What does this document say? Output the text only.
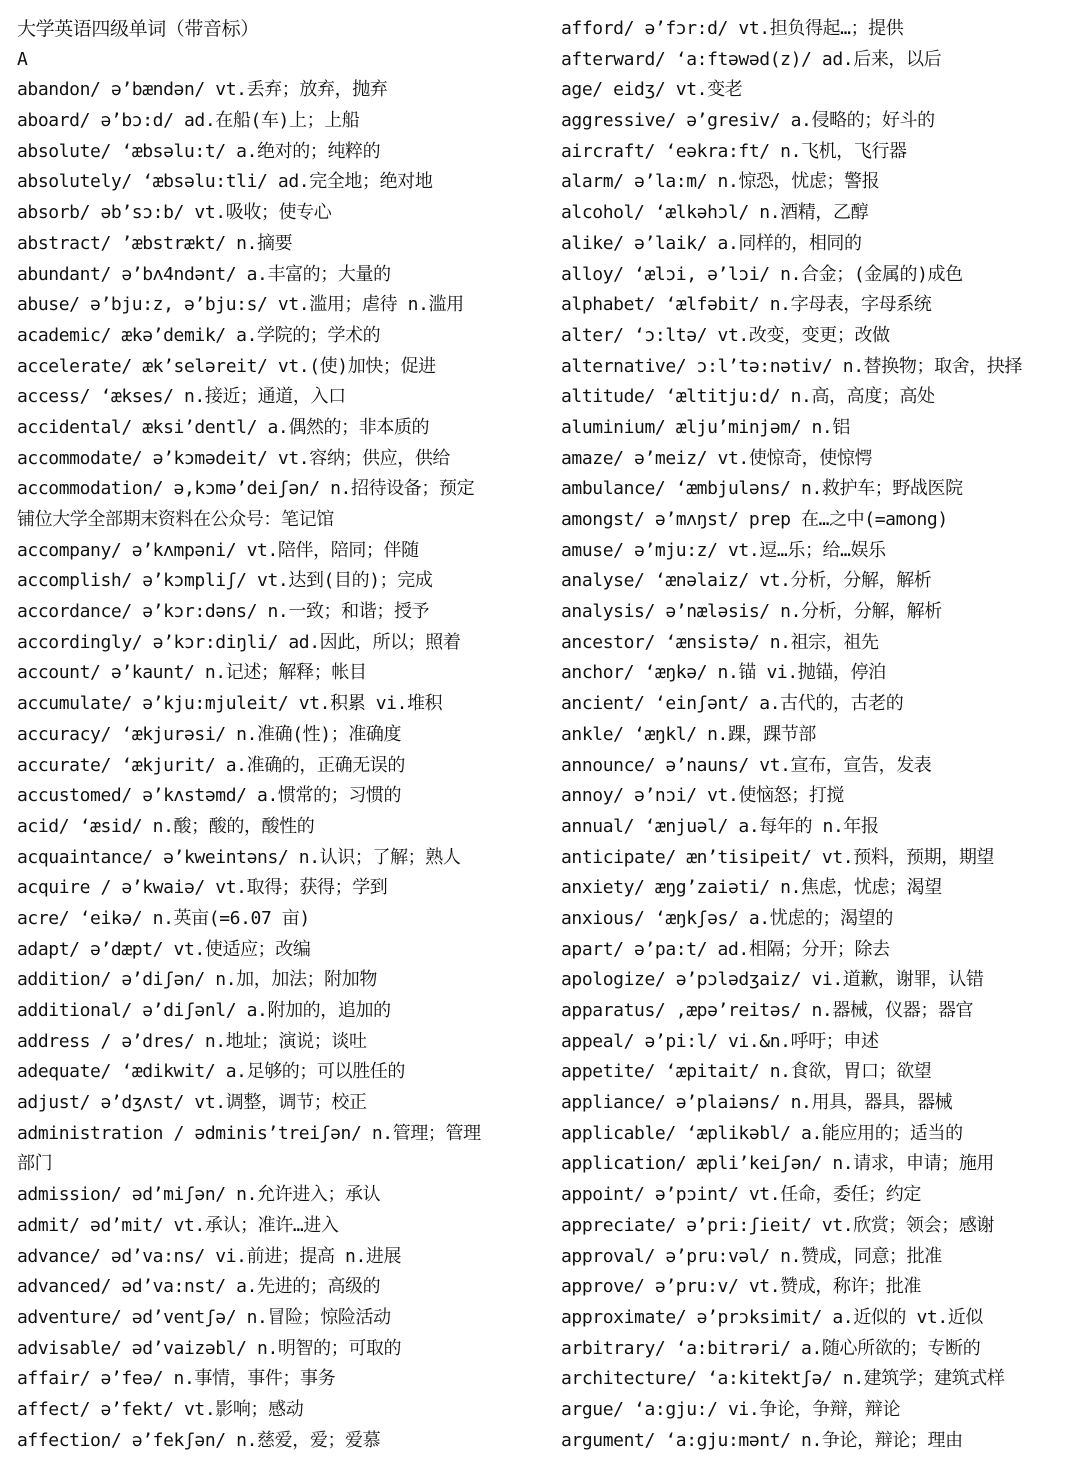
大学英语四级单词（带音标）
A
abandon/ ə’bændən/ vt.丢弃；放弃，抛弃
aboard/ ə’bɔ:d/ ad.在船(车)上；上船
absolute/ ‘æbsəlu:t/ a.绝对的；纯粹的
absolutely/ ‘æbsəlu:tli/ ad.完全地；绝对地
absorb/ əb’sɔ:b/ vt.吸收；使专心
abstract/ ’æbstrækt/ n.摘要
abundant/ ə’bʌ4ndənt/ a.丰富的；大量的
abuse/ ə’bju:z, ə’bju:s/ vt.滥用；虐待 n.滥用
academic/ ækə’demik/ a.学院的；学术的
accelerate/ æk’seləreit/ vt.(使)加快；促进
access/ ‘ækses/ n.接近；通道，入口
accidental/ æksi’dentl/ a.偶然的；非本质的
accommodate/ ə’kɔmədeit/ vt.容纳；供应，供给
accommodation/ ə,kɔmə’deiʃən/ n.招待设备；预定
铺位大学全部期末资料在公众号：笔记馆
accompany/ ə’kʌmpəni/ vt.陪伴，陪同；伴随
accomplish/ ə’kɔmpliʃ/ vt.达到(目的)；完成
accordance/ ə’kɔr:dəns/ n.一致；和谐；授予
accordingly/ ə’kɔr:diŋli/ ad.因此，所以；照着
account/ ə’kaunt/ n.记述；解释；帐目
accumulate/ ə’kju:mjuleit/ vt.积累 vi.堆积
accuracy/ ‘ækjurəsi/ n.准确(性)；准确度
accurate/ ‘ækjurit/ a.准确的，正确无误的
accustomed/ ə’kʌstəmd/ a.惯常的；习惯的
acid/ ‘æsid/ n.酸；酸的，酸性的
acquaintance/ ə’kweintəns/ n.认识；了解；熟人
acquire / ə’kwaiə/ vt.取得；获得；学到
acre/ ‘eikə/ n.英亩(=6.07 亩)
adapt/ ə’dæpt/ vt.使适应；改编
addition/ ə’diʃən/ n.加，加法；附加物
additional/ ə’diʃənl/ a.附加的，追加的
address / ə’dres/ n.地址；演说；谈吐
adequate/ ‘ædikwit/ a.足够的；可以胜任的
adjust/ ə’dʒʌst/ vt.调整，调节；校正
administration / ədminis’treiʃən/ n.管理；管理
部门
admission/ əd’miʃən/ n.允许进入；承认
admit/ əd’mit/ vt.承认；准许…进入
advance/ əd’va:ns/ vi.前进；提高 n.进展
advanced/ əd’va:nst/ a.先进的；高级的
adventure/ əd’ventʃə/ n.冒险；惊险活动
advisable/ əd’vaizəbl/ n.明智的；可取的
affair/ ə’feə/ n.事情，事件；事务
affect/ ə’fekt/ vt.影响；感动
affection/ ə’fekʃən/ n.慈爱，爱；爱慕
afford/ ə’fɔr:d/ vt.担负得起…；提供
afterward/ ‘a:ftəwəd(z)/ ad.后来，以后
age/ eidʒ/ vt.变老
aggressive/ ə’gresiv/ a.侵略的；好斗的
aircraft/ ‘eəkra:ft/ n.飞机，飞行器
alarm/ ə’la:m/ n.惊恐，忧虑；警报
alcohol/ ‘ælkəhɔl/ n.酒精，乙醇
alike/ ə’laik/ a.同样的，相同的
alloy/ ‘ælɔi, ə’lɔi/ n.合金；(金属的)成色
alphabet/ ‘ælfəbit/ n.字母表，字母系统
alter/ ‘ɔ:ltə/ vt.改变，变更；改做
alternative/ ɔ:l’tə:nətiv/ n.替换物；取舍，抉择
altitude/ ‘æltitju:d/ n.高，高度；高处
aluminium/ ælju’minjəm/ n.铝
amaze/ ə’meiz/ vt.使惊奇，使惊愕
ambulance/ ‘æmbjuləns/ n.救护车；野战医院
amongst/ ə’mʌŋst/ prep 在…之中(=among)
amuse/ ə’mju:z/ vt.逗…乐；给…娱乐
analyse/ ‘ænəlaiz/ vt.分析，分解，解析
analysis/ ə’næləsis/ n.分析，分解，解析
ancestor/ ‘ænsistə/ n.祖宗，祖先
anchor/ ‘æŋkə/ n.锚 vi.抛锚，停泊
ancient/ ‘einʃənt/ a.古代的，古老的
ankle/ ‘æŋkl/ n.踝，踝节部
announce/ ə’nauns/ vt.宣布，宣告，发表
annoy/ ə’nɔi/ vt.使恼怒；打搅
annual/ ‘ænjuəl/ a.每年的 n.年报
anticipate/ æn’tisipeit/ vt.预料，预期，期望
anxiety/ æŋg’zaiəti/ n.焦虑，忧虑；渴望
anxious/ ‘æŋkʃəs/ a.忧虑的；渴望的
apart/ ə’pa:t/ ad.相隔；分开；除去
apologize/ ə’pɔlədʒaiz/ vi.道歉，谢罪，认错
apparatus/ ,æpə’reitəs/ n.器械，仪器；器官
appeal/ ə’pi:l/ vi.&n.呼吁；申述
appetite/ ‘æpitait/ n.食欲，胃口；欲望
appliance/ ə’plaiəns/ n.用具，器具，器械
applicable/ ‘æplikəbl/ a.能应用的；适当的
application/ æpli’keiʃən/ n.请求，申请；施用
appoint/ ə’pɔint/ vt.任命，委任；约定
appreciate/ ə’pri:ʃieit/ vt.欣赏；领会；感谢
approval/ ə’pru:vəl/ n.赞成，同意；批准
approve/ ə’pru:v/ vt.赞成，称许；批准
approximate/ ə’prɔksimit/ a.近似的 vt.近似
arbitrary/ ‘a:bitrəri/ a.随心所欲的；专断的
architecture/ ‘a:kitektʃə/ n.建筑学；建筑式样
argue/ ‘a:gju:/ vi.争论，争辩，辩论
argument/ ‘a:gju:mənt/ n.争论，辩论；理由
